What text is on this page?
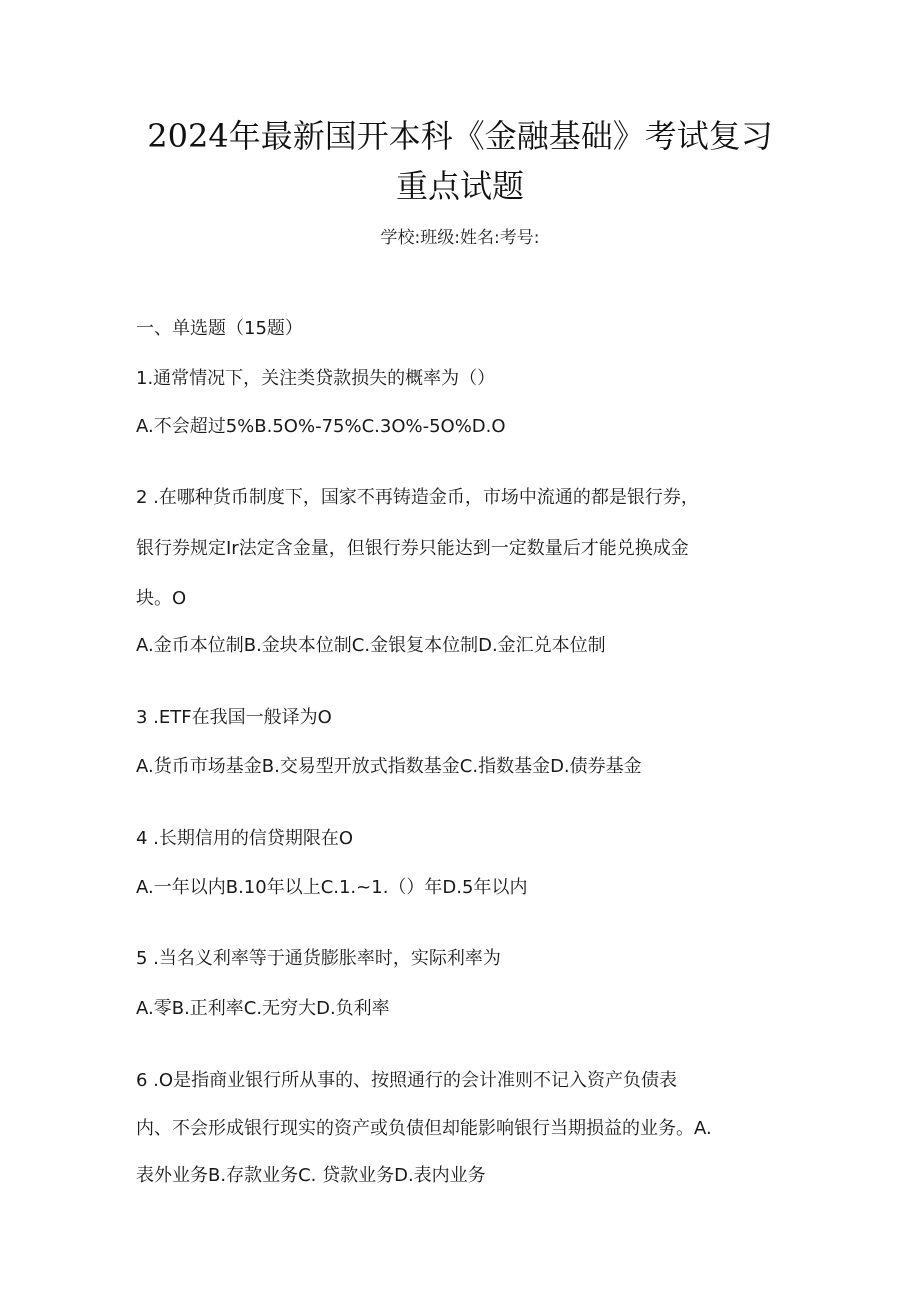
2024年最新国开本科《金融基础》考试复习
重点试题
学校:班级:姓名:考号:
一、单选题（15题）
1.通常情况下，关注类贷款损失的概率为（）
A.不会超过5%B.5O%-75%C.3O%-5O%D.O
2 .在哪种货币制度下，国家不再铸造金币，市场中流通的都是银行券，
银行券规定Ir法定含金量，但银行券只能达到一定数量后才能兑换成金
块。O
A.金币本位制B.金块本位制C.金银复本位制D.金汇兑本位制
3 .ETF在我国一般译为O
A.货币市场基金B.交易型开放式指数基金C.指数基金D.债券基金
4 .长期信用的信贷期限在O
A.一年以内B.10年以上C.1.~1.（）年D.5年以内
5 .当名义利率等于通货膨胀率时，实际利率为
A.零B.正利率C.无穷大D.负利率
6 .O是指商业银行所从事的、按照通行的会计准则不记入资产负债表
内、不会形成银行现实的资产或负债但却能影响银行当期损益的业务。A.
表外业务B.存款业务C. 贷款业务D.表内业务
